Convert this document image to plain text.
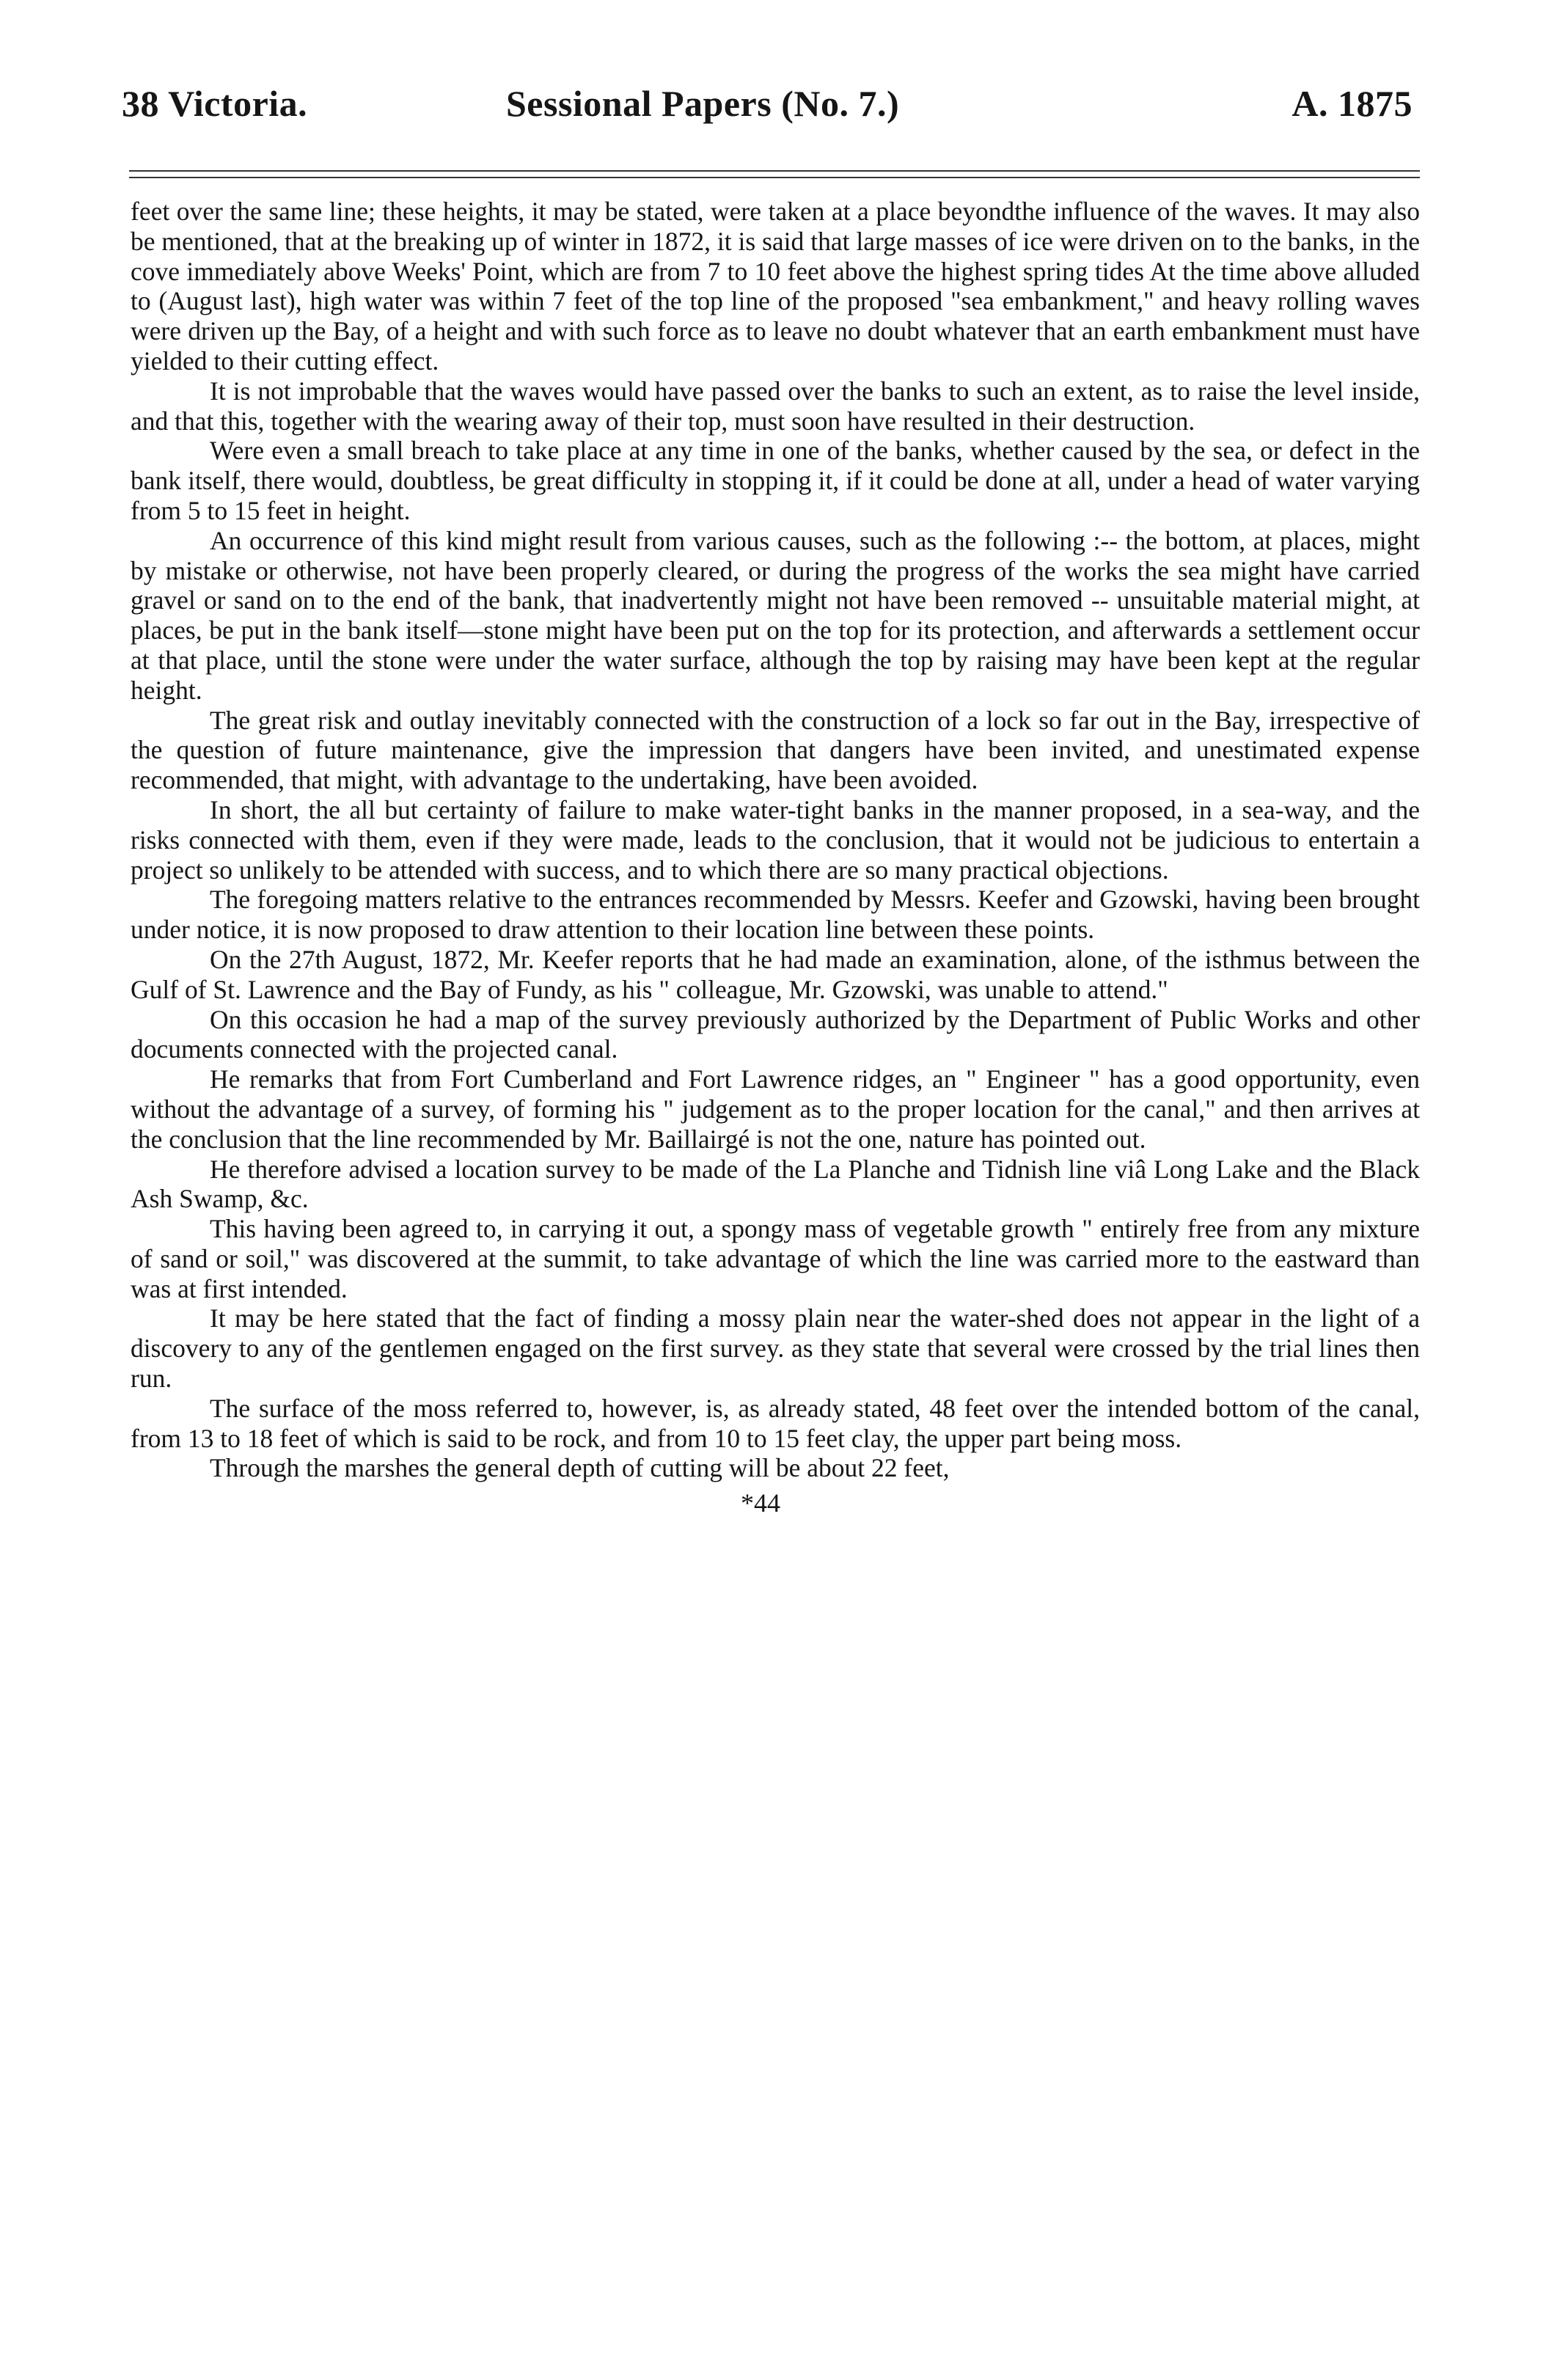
38 Victoria.	Sessional Papers (No. 7.)	A. 1875

feet over the same line; these heights, it may be stated, were taken at a place beyondthe influence of the waves. It may also be mentioned, that at the breaking up of winter in 1872, it is said that large masses of ice were driven on to the banks, in the cove immediately above Weeks' Point, which are from 7 to 10 feet above the highest spring tides At the time above alluded to (August last), high water was within 7 feet of the top line of the proposed "sea embankment," and heavy rolling waves were driven up the Bay, of a height and with such force as to leave no doubt whatever that an earth embankment must have yielded to their cutting effect.

It is not improbable that the waves would have passed over the banks to such an extent, as to raise the level inside, and that this, together with the wearing away of their top, must soon have resulted in their destruction.

Were even a small breach to take place at any time in one of the banks, whether caused by the sea, or defect in the bank itself, there would, doubtless, be great difficulty in stopping it, if it could be done at all, under a head of water varying from 5 to 15 feet in height.

An occurrence of this kind might result from various causes, such as the following :-- the bottom, at places, might by mistake or otherwise, not have been properly cleared, or during the progress of the works the sea might have carried gravel or sand on to the end of the bank, that inadvertently might not have been removed -- unsuitable material might, at places, be put in the bank itself—stone might have been put on the top for its protection, and afterwards a settlement occur at that place, until the stone were under the water surface, although the top by raising may have been kept at the regular height.

The great risk and outlay inevitably connected with the construction of a lock so far out in the Bay, irrespective of the question of future maintenance, give the impression that dangers have been invited, and unestimated expense recommended, that might, with advantage to the undertaking, have been avoided.

In short, the all but certainty of failure to make water-tight banks in the manner proposed, in a sea-way, and the risks connected with them, even if they were made, leads to the conclusion, that it would not be judicious to entertain a project so unlikely to be attended with success, and to which there are so many practical objections.

The foregoing matters relative to the entrances recommended by Messrs. Keefer and Gzowski, having been brought under notice, it is now proposed to draw attention to their location line between these points.

On the 27th August, 1872, Mr. Keefer reports that he had made an examination, alone, of the isthmus between the Gulf of St. Lawrence and the Bay of Fundy, as his " colleague, Mr. Gzowski, was unable to attend."

On this occasion he had a map of the survey previously authorized by the Department of Public Works and other documents connected with the projected canal.

He remarks that from Fort Cumberland and Fort Lawrence ridges, an " Engineer " has a good opportunity, even without the advantage of a survey, of forming his " judgement as to the proper location for the canal," and then arrives at the conclusion that the line recommended by Mr. Baillairgé is not the one, nature has pointed out.

He therefore advised a location survey to be made of the La Planche and Tidnish line viâ Long Lake and the Black Ash Swamp, &c.

This having been agreed to, in carrying it out, a spongy mass of vegetable growth " entirely free from any mixture of sand or soil," was discovered at the summit, to take advantage of which the line was carried more to the eastward than was at first intended.

It may be here stated that the fact of finding a mossy plain near the water-shed does not appear in the light of a discovery to any of the gentlemen engaged on the first survey. as they state that several were crossed by the trial lines then run.

The surface of the moss referred to, however, is, as already stated, 48 feet over the intended bottom of the canal, from 13 to 18 feet of which is said to be rock, and from 10 to 15 feet clay, the upper part being moss.

Through the marshes the general depth of cutting will be about 22 feet,

*44
